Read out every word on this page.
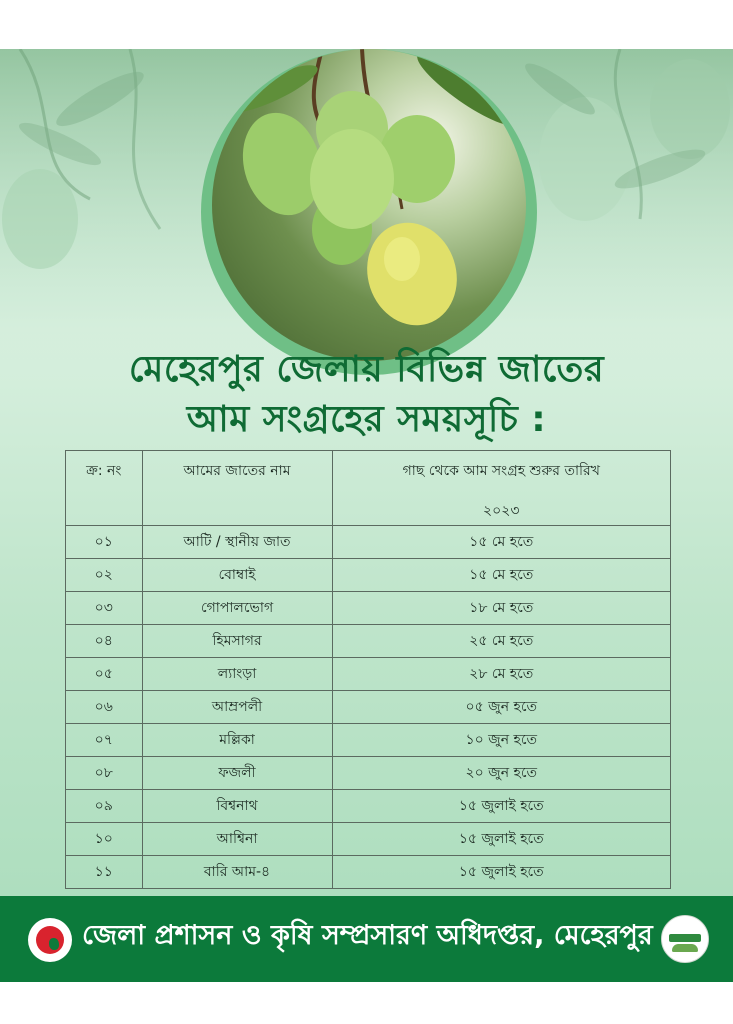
মেহেরপুর জেলায় বিভিন্ন জাতের
আম সংগ্রহের সময়সূচি :
ক্র: নং	আমের জাতের নাম	গাছ থেকে আম সংগ্রহ শুরুর তারিখ
২০২৩

০১	আটি / স্থানীয় জাত	১৫ মে হতে
০২	বোম্বাই	১৫ মে হতে
০৩	গোপালভোগ	১৮ মে হতে
০৪	হিমসাগর	২৫ মে হতে
০৫	ল্যাংড়া	২৮ মে হতে
০৬	আম্রপলী	০৫ জুন হতে
০৭	মল্লিকা	১০ জুন হতে
০৮	ফজলী	২০ জুন হতে
০৯	বিশ্বনাথ	১৫ জুলাই হতে
১০	আশ্বিনা	১৫ জুলাই হতে
১১	বারি আম-৪	১৫ জুলাই হতে
জেলা প্রশাসন ও কৃষি সম্প্রসারণ অধিদপ্তর, মেহেরপুর
